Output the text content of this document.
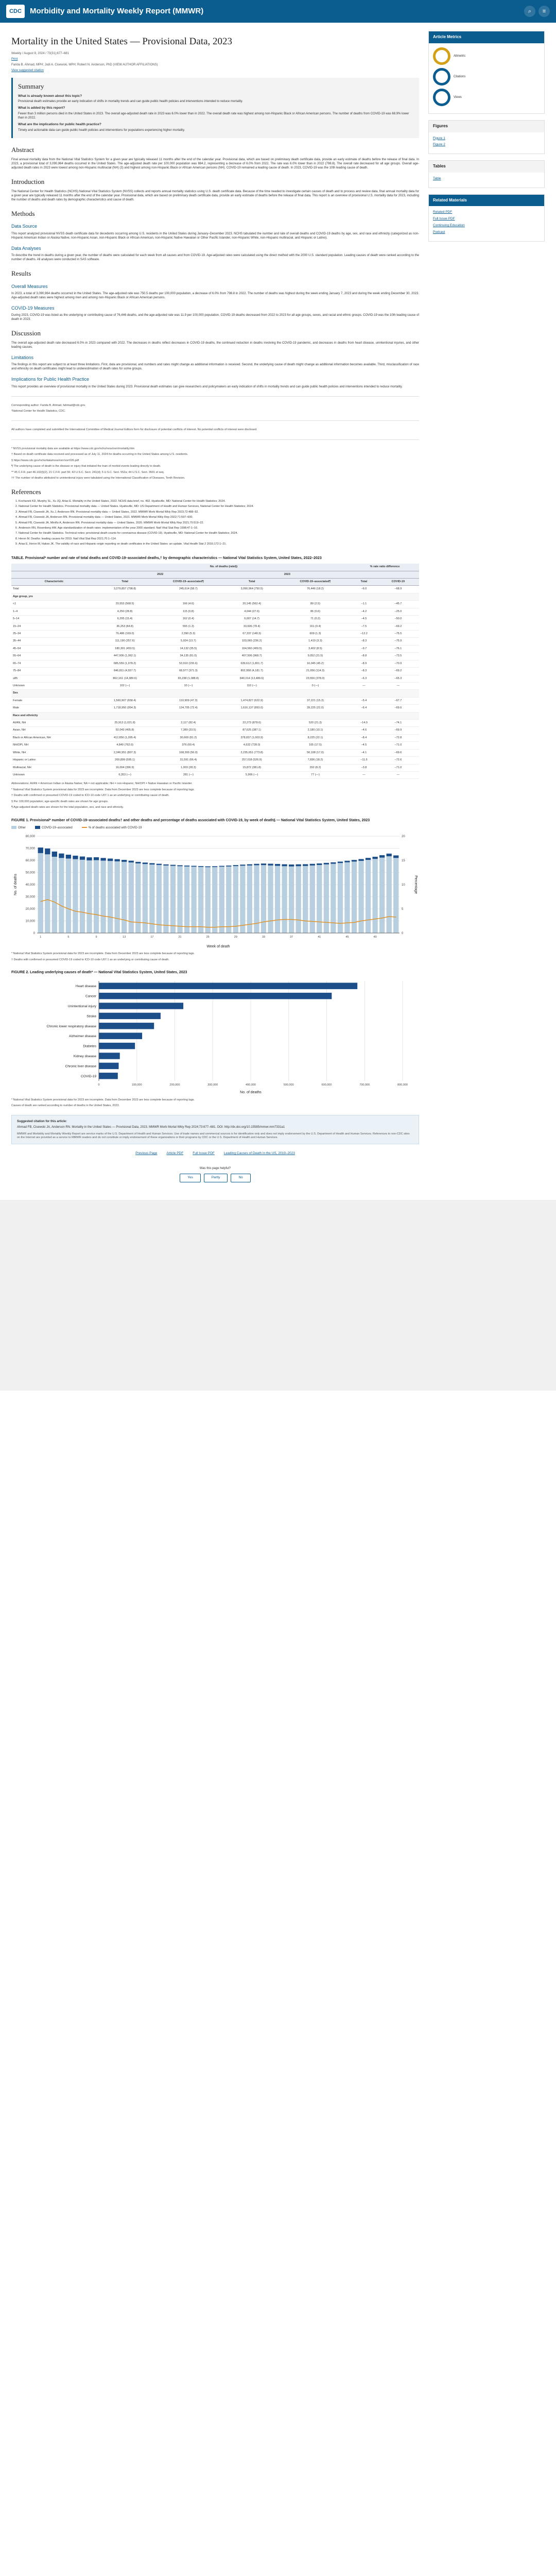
CDC	Morbidity and Mortality Weekly Report (MMWR)	⌕	≡
Mortality in the United States — Provisional Data, 2023
Weekly / August 8, 2024 / 73(31);677–681
Print
Farida B. Ahmad, MPH; Jodi A. Cisewski, MPH; Robert N. Anderson, PhD (VIEW AUTHOR AFFILIATIONS)
View suggested citation
Summary
What is already known about this topic?

Provisional death estimates provide an early indication of shifts in mortality trends and can guide public health policies and interventions intended to reduce mortality.

What is added by this report?

Fewer than 3 million persons died in the United States in 2023. The overall age-adjusted death rate in 2023 was 6.0% lower than in 2022. The overall death rate was highest among non-Hispanic Black or African American persons. The number of deaths from COVID-19 was 68.9% lower than in 2022.

What are the implications for public health practice?

Timely and actionable data can guide public health policies and interventions for populations experiencing higher mortality.

Abstract

Final annual mortality data from the National Vital Statistics System for a given year are typically released 11 months after the end of the calendar year. Provisional data, which are based on preliminary death certificate data, provide an early estimate of deaths before the release of final data. In 2023, a provisional total of 3,090,964 deaths occurred in the United States. The age-adjusted death rate per 100,000 population was 884.2, representing a decrease of 6.0% from 2022. The rate was 6.0% lower than in 2022 (798.8). The overall rate decreased for all age groups. Overall age-adjusted death rates in 2023 were lowest among non-Hispanic multiracial (NH) (3) and highest among non-Hispanic Black or African American persons (NH). COVID-19 remained a leading cause of death. In 2023, COVID-19 was the 10th leading cause of death.

Introduction

The National Center for Health Statistics (NCHS) National Vital Statistics System (NVSS) collects and reports annual mortality statistics using U.S. death certificate data. Because of the time needed to investigate certain causes of death and to process and review data, final annual mortality data for a given year are typically released 11 months after the end of the calendar year. Provisional data, which are based on preliminary death certificate data, provide an early estimate of deaths before the release of final data. This report is an overview of provisional U.S. mortality data for 2023, including the number of deaths and death rates by demographic characteristics and cause of death.

Methods
Data Source

This report analyzed provisional NVSS death certificate data for decedents occurring among U.S. residents in the United States during January–December 2023. NCHS tabulated the number and rate of overall deaths and COVID-19 deaths by age, sex, and race and ethnicity (categorized as non-Hispanic American Indian or Alaska Native, non-Hispanic Asian, non-Hispanic Black or African American, non-Hispanic Native Hawaiian or Other Pacific Islander, non-Hispanic White, non-Hispanic multiracial, and Hispanic or Latino).

Data Analyses

To describe the trend in deaths during a given year, the number of deaths were calculated for each week from all causes and from COVID-19. Age-adjusted rates were calculated using the direct method with the 2000 U.S. standard population. Leading causes of death were ranked according to the number of deaths. All analyses were conducted in SAS software.

Results
Overall Measures

In 2023, a total of 3,090,964 deaths occurred in the United States. The age-adjusted rate was 750.5 deaths per 100,000 population, a decrease of 6.0% from 798.8 in 2022. The number of deaths was highest during the week ending January 7, 2023 and during the week ending December 30, 2023. Age-adjusted death rates were highest among men and among non-Hispanic Black or African American persons.

COVID-19 Measures

During 2023, COVID-19 was listed as the underlying or contributing cause of 76,446 deaths, and the age-adjusted rate was 11.9 per 100,000 population. COVID-19 deaths decreased from 2022 to 2023 for all age groups, sexes, and racial and ethnic groups. COVID-19 was the 10th leading cause of death in 2023.

Discussion

The overall age-adjusted death rate decreased 6.0% in 2023 compared with 2022. The decreases in deaths reflect decreases in COVID-19 deaths, the continued reduction in deaths involving the COVID-19 pandemic, and decreases in deaths from heart disease, unintentional injuries, and other leading causes.

Limitations

The findings in this report are subject to at least three limitations. First, data are provisional, and numbers and rates might change as additional information is received. Second, the underlying cause of death might change as additional information becomes available. Third, misclassification of race and ethnicity on death certificates might lead to underestimation of death rates for some groups.

Implications for Public Health Practice

This report provides an overview of provisional mortality in the United States during 2023. Provisional death estimates can give researchers and policymakers an early indication of shifts in mortality trends and can guide public health policies and interventions intended to reduce mortality.

Corresponding author: Farida B. Ahmad, fahmad@cdc.gov.

¹National Center for Health Statistics, CDC.

All authors have completed and submitted the International Committee of Medical Journal Editors form for disclosure of potential conflicts of interest. No potential conflicts of interest were disclosed.

* NVSS provisional mortality data are available at https://www.cdc.gov/nchs/nvss/vsrr/mortality.htm

† Based on death certificate data received and processed as of July 11, 2024 for deaths occurring in the United States among U.S. residents.

§ https://www.cdc.gov/nchs/data/nvss/vsrr/vsrr026.pdf

¶ The underlying cause of death is the disease or injury that initiated the train of morbid events leading directly to death.

** 45 C.F.R. part 46.102(l)(2), 21 C.F.R. part 56; 42 U.S.C. Sect. 241(d); 5 U.S.C. Sect. 552a; 44 U.S.C. Sect. 3501 et seq.

†† The number of deaths attributed to unintentional injury were tabulated using the International Classification of Diseases, Tenth Revision.

References
1. Kochanek KD, Murphy SL, Xu JQ, Arias E. Mortality in the United States, 2022. NCHS data brief, no. 492. Hyattsville, MD: National Center for Health Statistics; 2024.
2. National Center for Health Statistics. Provisional mortality data — United States. Hyattsville, MD: US Department of Health and Human Services, National Center for Health Statistics; 2024.
3. Ahmad FB, Cisewski JA, Xu J, Anderson RN. Provisional mortality data — United States, 2022. MMWR Morb Mortal Wkly Rep 2023;72:488–92.
4. Ahmad FB, Cisewski JA, Anderson RN. Provisional mortality data — United States, 2021. MMWR Morb Mortal Wkly Rep 2022;71:597–600.
5. Ahmad FB, Cisewski JA, Miniño A, Anderson RN. Provisional mortality data — United States, 2020. MMWR Morb Mortal Wkly Rep 2021;70:519–22.
6. Anderson RN, Rosenberg HM. Age standardization of death rates: implementation of the year 2000 standard. Natl Vital Stat Rep 1998;47:1–16.
7. National Center for Health Statistics. Technical notes: provisional death counts for coronavirus disease (COVID-19). Hyattsville, MD: National Center for Health Statistics; 2024.
8. Heron M. Deaths: leading causes for 2019. Natl Vital Stat Rep 2021;70:1–114.
9. Arias E, Heron M, Hakes JK. The validity of race and Hispanic-origin reporting on death certificates in the United States: an update. Vital Health Stat 2 2016;172:1–21.
TABLE. Provisional* number and rate of total deaths and COVID-19–associated deaths,† by demographic characteristics — National Vital Statistics System, United States, 2022–2023
	No. of deaths (rate§)				% rate ratio difference	
	2022		2023			
Characteristic	Total	COVID-19–associated¶	Total	COVID-19–associated¶	Total	COVID-19
Total	3,279,857 (798.8)	245,614 (58.7)	3,090,964 (750.5)	76,446 (18.2)	−6.0	−68.9
Age group, yrs						
<1	20,553 (568.5)	166 (4.6)	20,145 (562.4)	89 (2.5)	−1.1	−45.7
1–4	4,250 (28.8)	115 (0.8)	4,044 (27.6)	86 (0.6)	−4.2	−25.0
5–14	6,295 (15.4)	162 (0.4)	6,007 (14.7)	71 (0.2)	−4.5	−50.0
15–24	36,253 (84.8)	555 (1.3)	33,606 (78.4)	161 (0.4)	−7.5	−69.2
25–34	76,486 (169.0)	2,390 (5.3)	67,337 (148.3)	609 (1.3)	−12.2	−75.5
35–44	111,190 (257.6)	5,924 (13.7)	103,065 (236.2)	1,419 (3.3)	−8.3	−75.9
45–54	180,301 (453.5)	14,132 (35.5)	164,560 (409.5)	3,402 (8.5)	−9.7	−76.1
55–64	447,906 (1,062.1)	34,135 (81.0)	407,506 (968.7)	9,052 (21.5)	−8.8	−73.5
65–74	685,559 (1,978.2)	53,910 (155.6)	639,612 (1,801.7)	16,045 (45.2)	−8.9	−70.9
75–84	846,811 (4,557.7)	68,977 (371.3)	802,958 (4,181.7)	21,956 (114.3)	−8.3	−69.2
≥85	862,161 (14,389.6)	65,238 (1,088.8)	840,014 (13,480.6)	23,556 (378.0)	−6.3	−65.3
Unknown	102 (—)	10 (—)	110 (—)	0 (—)	—	—
Sex						
Female	1,560,907 (658.4)	110,909 (47.3)	1,474,827 (622.9)	37,221 (15.3)	−5.4	−67.7
Male	1,718,950 (954.3)	134,705 (72.4)	1,616,137 (893.0)	39,225 (22.0)	−6.4	−69.6
Race and ethnicity						
AI/AN, NH	25,913 (1,021.8)	2,117 (82.4)	22,273 (878.6)	520 (21.3)	−14.0	−74.1
Asian, NH	92,043 (405.8)	7,389 (33.5)	87,625 (387.1)	2,180 (10.1)	−4.6	−69.9
Black or African American, NH	412,856 (1,095.4)	30,669 (81.2)	378,837 (1,003.9)	8,225 (22.1)	−8.4	−72.8
NH/OPI, NH	4,840 (762.0)	376 (60.4)	4,632 (728.0)	105 (17.5)	−4.5	−71.0
White, NH	2,346,951 (807.3)	168,300 (56.0)	2,235,651 (773.8)	56,108 (17.0)	−4.1	−69.6
Hispanic or Latino	269,899 (595.1)	31,591 (66.4)	257,018 (526.9)	7,836 (18.2)	−11.5	−72.6
Multiracial, NH	16,004 (396.9)	1,003 (28.3)	15,872 (381.8)	292 (8.2)	−3.8	−71.0
Unknown	6,353 (—)	281 (—)	5,966 (—)	77 (—)	—	—

Abbreviations: AI/AN = American Indian or Alaska Native; NA = not applicable; NH = non-Hispanic; NH/OPI = Native Hawaiian or Pacific Islander.

* National Vital Statistics System provisional data for 2023 are incomplete. Data from December 2023 are less complete because of reporting lags.

† Deaths with confirmed or presumed COVID-19 coded to ICD-10 code U07.1 as an underlying or contributing cause of death.

§ Per 100,000 population; age-specific death rates are shown for age groups.

¶ Age-adjusted death rates are shown for the total population, sex, and race and ethnicity.

FIGURE 1. Provisional* number of COVID-19–associated deaths† and other deaths and percentage of deaths associated with COVID-19, by week of death§ — National Vital Statistics System, United States, 2023
Other	COVID-19–associated	% of deaths associated with COVID-19
0
10,000
20,000
30,000
40,000
50,000
60,000
70,000
80,000
0
5
10
15
20
1	5	9	13	17	21	25	29	33	37	41	45	49
Week of death
No. of deaths	Percentage

* National Vital Statistics System provisional data for 2023 are incomplete. Data from December 2023 are less complete because of reporting lags.

† Deaths with confirmed or presumed COVID-19 coded to ICD-10 code U07.1 as an underlying or contributing cause of death.

FIGURE 2. Leading underlying causes of death* — National Vital Statistics System, United States, 2023
0	100,000	200,000	300,000	400,000	500,000	600,000	700,000	800,000
Heart disease
Cancer
Unintentional injury
Stroke
Chronic lower respiratory disease
Alzheimer disease
Diabetes
Kidney disease
Chronic liver disease
COVID-19
No. of deaths

* National Vital Statistics System provisional data for 2023 are incomplete. Data from December 2023 are less complete because of reporting lags.

Causes of death are ranked according to number of deaths in the United States, 2023.

Suggested citation for this article:
Ahmad FB, Cisewski JA, Anderson RN. Mortality in the United States — Provisional Data, 2023. MMWR Morb Mortal Wkly Rep 2024;73:677–681. DOI: http://dx.doi.org/10.15585/mmwr.mm7331a1
MMWR and Morbidity and Mortality Weekly Report are service marks of the U.S. Department of Health and Human Services. Use of trade names and commercial sources is for identification only and does not imply endorsement by the U.S. Department of Health and Human Services. References to non-CDC sites on the Internet are provided as a service to MMWR readers and do not constitute or imply endorsement of these organizations or their programs by CDC or the U.S. Department of Health and Human Services.
Previous Page	Article PDF	Full Issue PDF	Leading Causes of Death in the US, 2019–2023
Was this page helpful?
Yes	Partly	No
Article Metrics
Altmetric
Citations
Views
Figures
Figure 1
Figure 2
Tables
Table
Related Materials
Related PDF
Full Issue PDF
Continuing Education
Podcast
